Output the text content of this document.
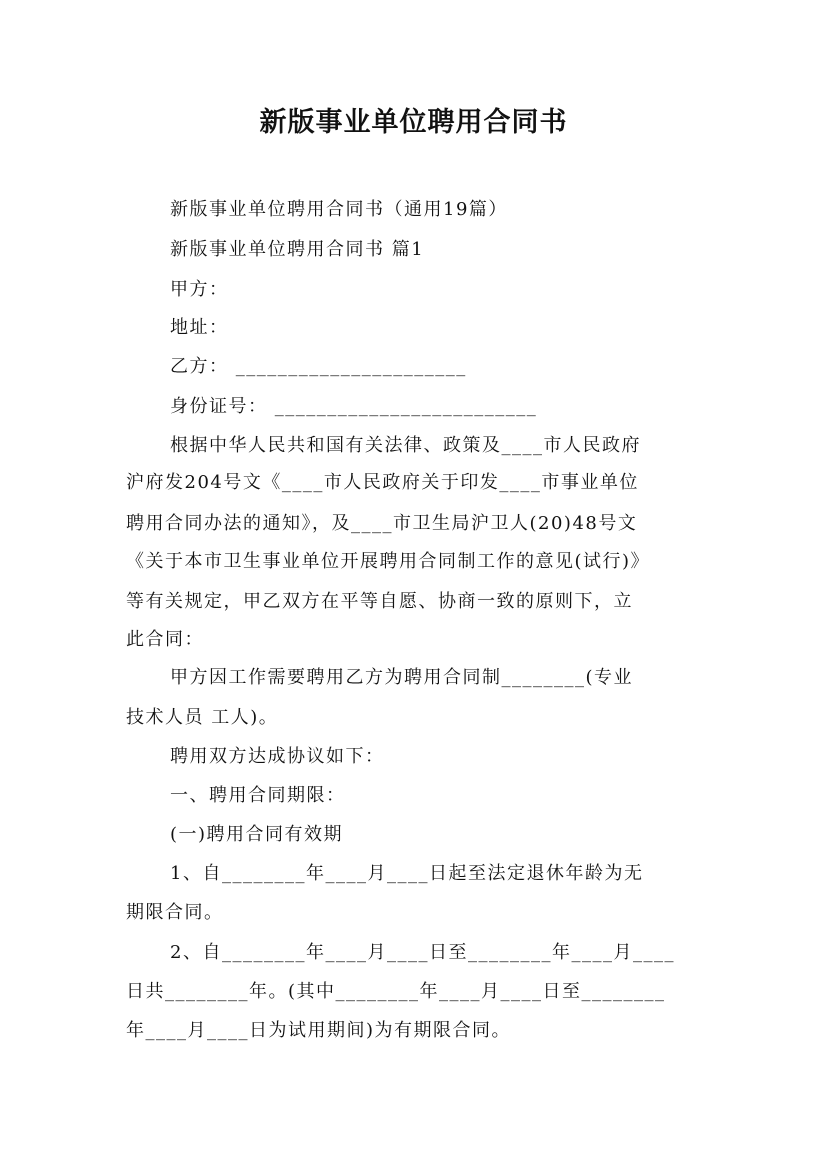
新版事业单位聘用合同书
新版事业单位聘用合同书（通用19篇）
新版事业单位聘用合同书 篇1
甲方：
地址：
乙方： ______________________
身份证号： _________________________
根据中华人民共和国有关法律、政策及____市人民政府
沪府发204号文《____市人民政府关于印发____市事业单位
聘用合同办法的通知》，及____市卫生局沪卫人(20)48号文
《关于本市卫生事业单位开展聘用合同制工作的意见(试行)》
等有关规定，甲乙双方在平等自愿、协商一致的原则下，立
此合同：
甲方因工作需要聘用乙方为聘用合同制________(专业
技术人员 工人)。
聘用双方达成协议如下：
一、聘用合同期限：
(一)聘用合同有效期
1、自________年____月____日起至法定退休年龄为无
期限合同。
2、自________年____月____日至________年____月____
日共________年。(其中________年____月____日至________
年____月____日为试用期间)为有期限合同。
